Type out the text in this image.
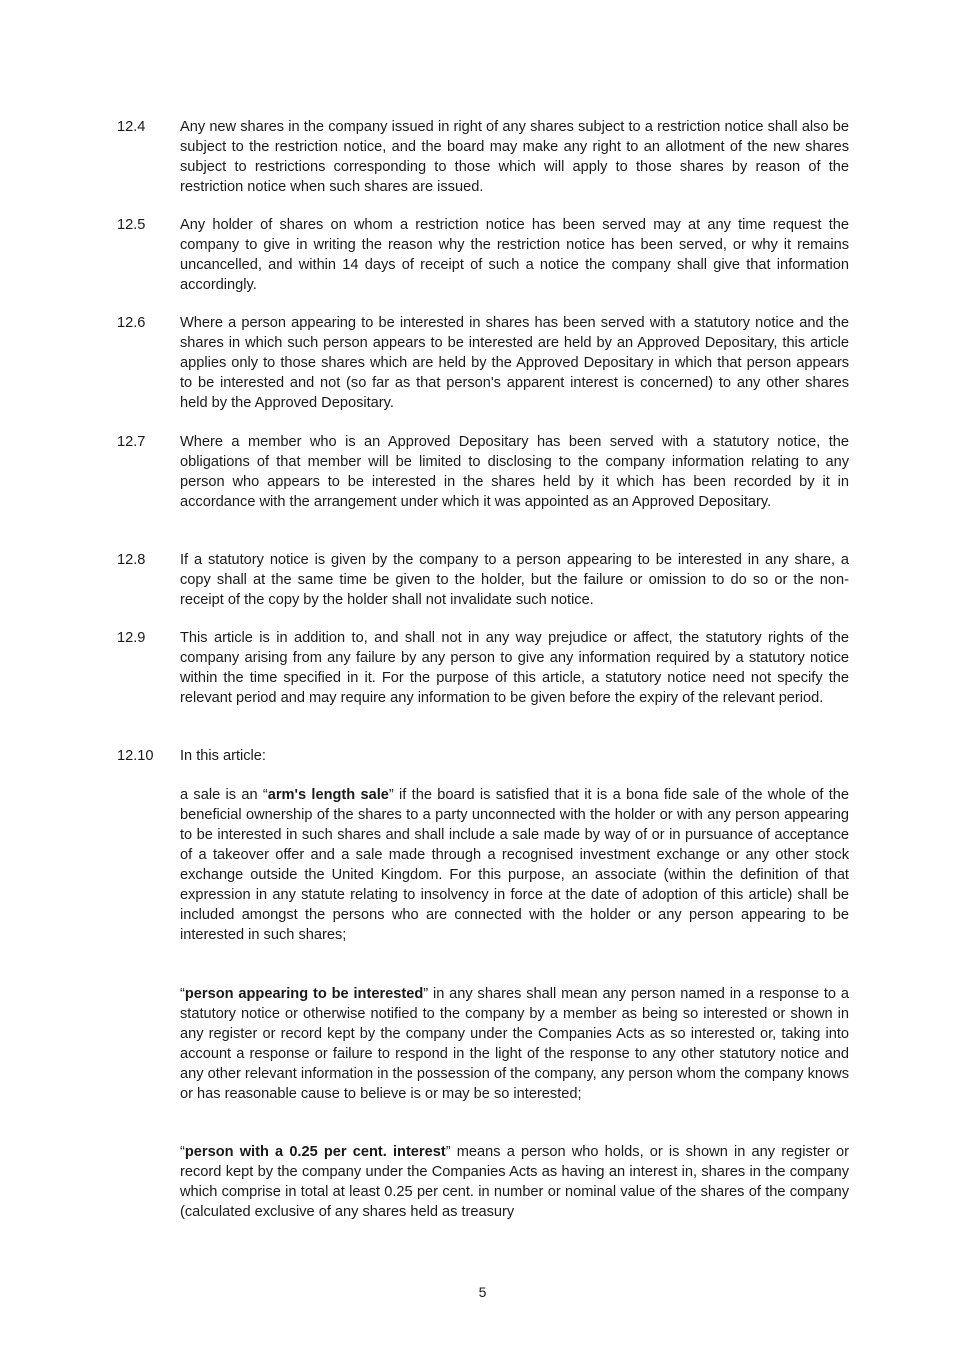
12.4	Any new shares in the company issued in right of any shares subject to a restriction notice shall also be subject to the restriction notice, and the board may make any right to an allotment of the new shares subject to restrictions corresponding to those which will apply to those shares by reason of the restriction notice when such shares are issued.
12.5	Any holder of shares on whom a restriction notice has been served may at any time request the company to give in writing the reason why the restriction notice has been served, or why it remains uncancelled, and within 14 days of receipt of such a notice the company shall give that information accordingly.
12.6	Where a person appearing to be interested in shares has been served with a statutory notice and the shares in which such person appears to be interested are held by an Approved Depositary, this article applies only to those shares which are held by the Approved Depositary in which that person appears to be interested and not (so far as that person's apparent interest is concerned) to any other shares held by the Approved Depositary.
12.7	Where a member who is an Approved Depositary has been served with a statutory notice, the obligations of that member will be limited to disclosing to the company information relating to any person who appears to be interested in the shares held by it which has been recorded by it in accordance with the arrangement under which it was appointed as an Approved Depositary.
12.8	If a statutory notice is given by the company to a person appearing to be interested in any share, a copy shall at the same time be given to the holder, but the failure or omission to do so or the non-receipt of the copy by the holder shall not invalidate such notice.
12.9	This article is in addition to, and shall not in any way prejudice or affect, the statutory rights of the company arising from any failure by any person to give any information required by a statutory notice within the time specified in it. For the purpose of this article, a statutory notice need not specify the relevant period and may require any information to be given before the expiry of the relevant period.
12.10	In this article:
a sale is an “arm's length sale” if the board is satisfied that it is a bona fide sale of the whole of the beneficial ownership of the shares to a party unconnected with the holder or with any person appearing to be interested in such shares and shall include a sale made by way of or in pursuance of acceptance of a takeover offer and a sale made through a recognised investment exchange or any other stock exchange outside the United Kingdom. For this purpose, an associate (within the definition of that expression in any statute relating to insolvency in force at the date of adoption of this article) shall be included amongst the persons who are connected with the holder or any person appearing to be interested in such shares;
“person appearing to be interested” in any shares shall mean any person named in a response to a statutory notice or otherwise notified to the company by a member as being so interested or shown in any register or record kept by the company under the Companies Acts as so interested or, taking into account a response or failure to respond in the light of the response to any other statutory notice and any other relevant information in the possession of the company, any person whom the company knows or has reasonable cause to believe is or may be so interested;
“person with a 0.25 per cent. interest” means a person who holds, or is shown in any register or record kept by the company under the Companies Acts as having an interest in, shares in the company which comprise in total at least 0.25 per cent. in number or nominal value of the shares of the company (calculated exclusive of any shares held as treasury
5
